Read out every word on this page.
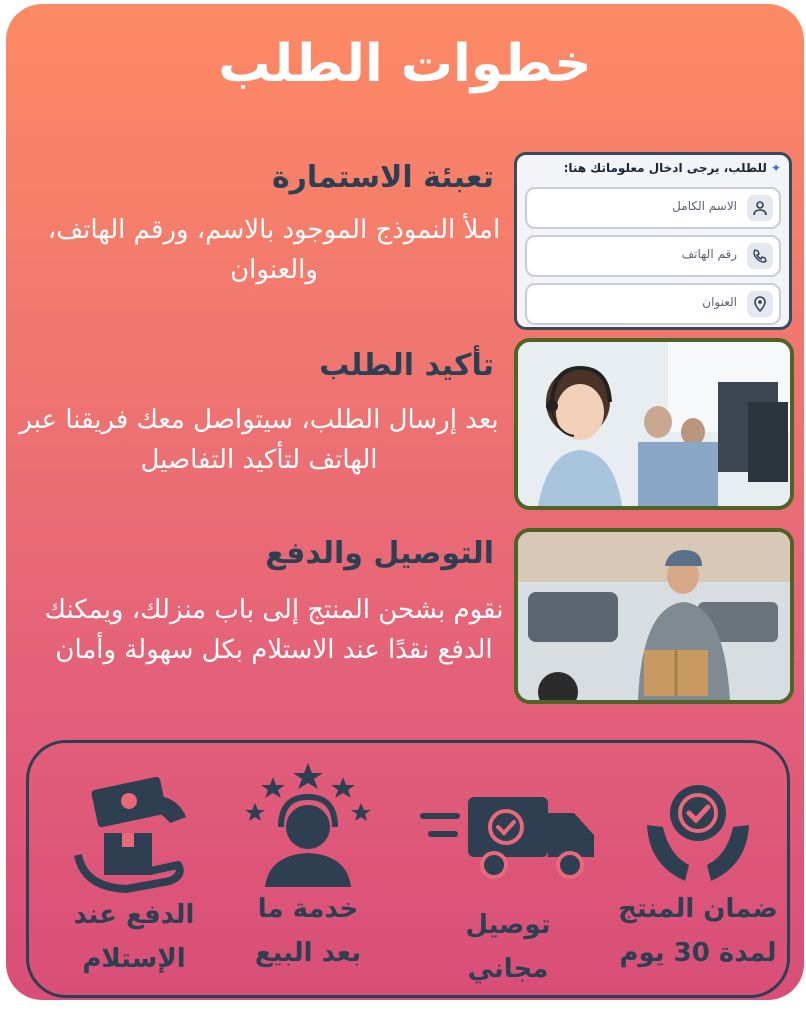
خطوات الطلب
تعبئة الاستمارة
املأ النموذج الموجود بالاسم، ورقم الهاتف، والعنوان
✦للطلب، يرجى ادخال معلوماتك هنا:
الاسم الكامل
رقم الهاتف
العنوان
تأكيد الطلب
بعد إرسال الطلب، سيتواصل معك فريقنا عبر الهاتف لتأكيد التفاصيل
التوصيل والدفع
نقوم بشحن المنتج إلى باب منزلك، ويمكنك الدفع نقدًا عند الاستلام بكل سهولة وأمان
ضمان المنتج
لمدة 30 يوم
توصيل
مجاني
خدمة ما
بعد البيع
الدفع عند
الإستلام
